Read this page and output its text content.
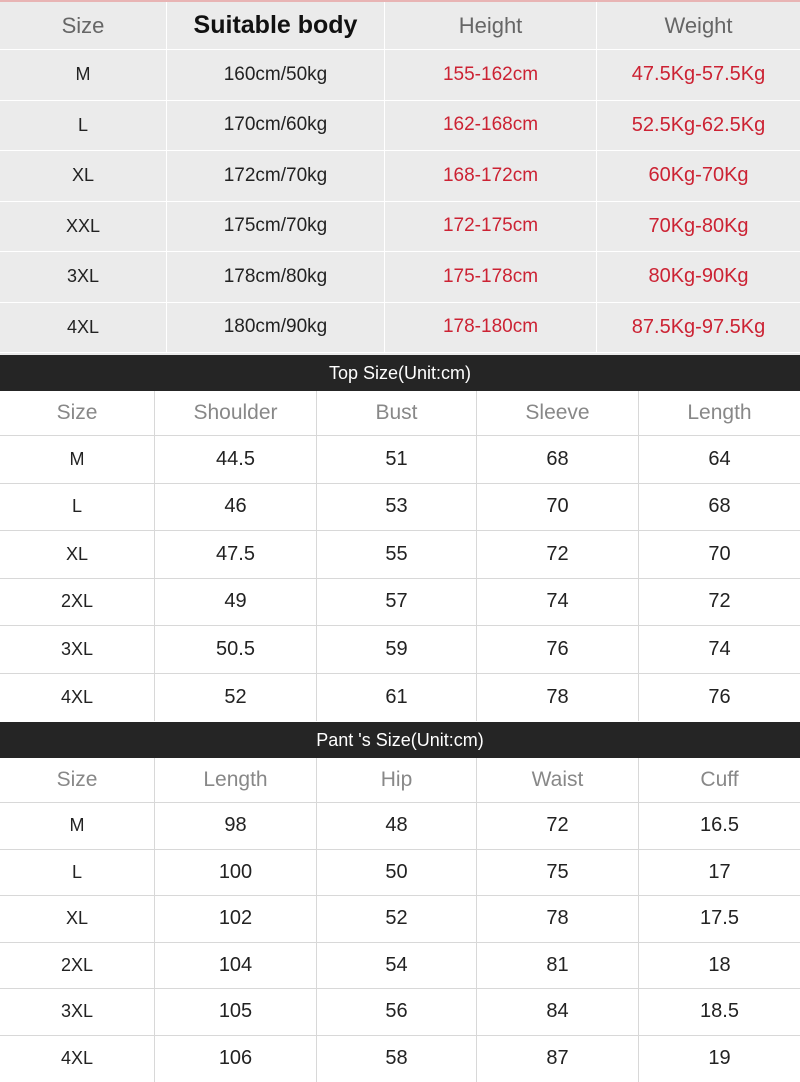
Size	Suitable body	Height	Weight
M	160cm/50kg	155-162cm	47.5Kg-57.5Kg
L	170cm/60kg	162-168cm	52.5Kg-62.5Kg
XL	172cm/70kg	168-172cm	60Kg-70Kg
XXL	175cm/70kg	172-175cm	70Kg-80Kg
3XL	178cm/80kg	175-178cm	80Kg-90Kg
4XL	180cm/90kg	178-180cm	87.5Kg-97.5Kg
Top Size(Unit:cm)
Size	Shoulder	Bust	Sleeve	Length
M	44.5	51	68	64
L	46	53	70	68
XL	47.5	55	72	70
2XL	49	57	74	72
3XL	50.5	59	76	74
4XL	52	61	78	76
Pant 's Size(Unit:cm)
Size	Length	Hip	Waist	Cuff
M	98	48	72	16.5
L	100	50	75	17
XL	102	52	78	17.5
2XL	104	54	81	18
3XL	105	56	84	18.5
4XL	106	58	87	19
